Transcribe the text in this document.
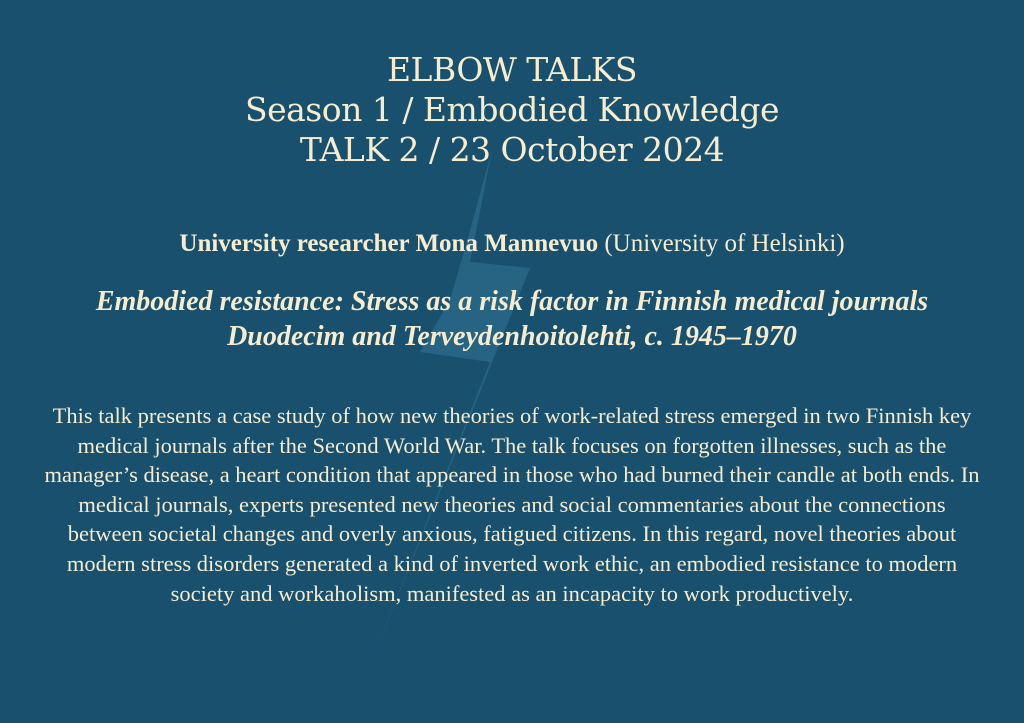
ELBOW TALKS
Season 1 / Embodied Knowledge
TALK 2 / 23 October 2024
University researcher Mona Mannevuo (University of Helsinki)
Embodied resistance: Stress as a risk factor in Finnish medical journals Duodecim and Terveydenhoitolehti, c. 1945–1970
This talk presents a case study of how new theories of work-related stress emerged in two Finnish key medical journals after the Second World War. The talk focuses on forgotten illnesses, such as the manager’s disease, a heart condition that appeared in those who had burned their candle at both ends. In medical journals, experts presented new theories and social commentaries about the connections between societal changes and overly anxious, fatigued citizens. In this regard, novel theories about modern stress disorders generated a kind of inverted work ethic, an embodied resistance to modern society and workaholism, manifested as an incapacity to work productively.
